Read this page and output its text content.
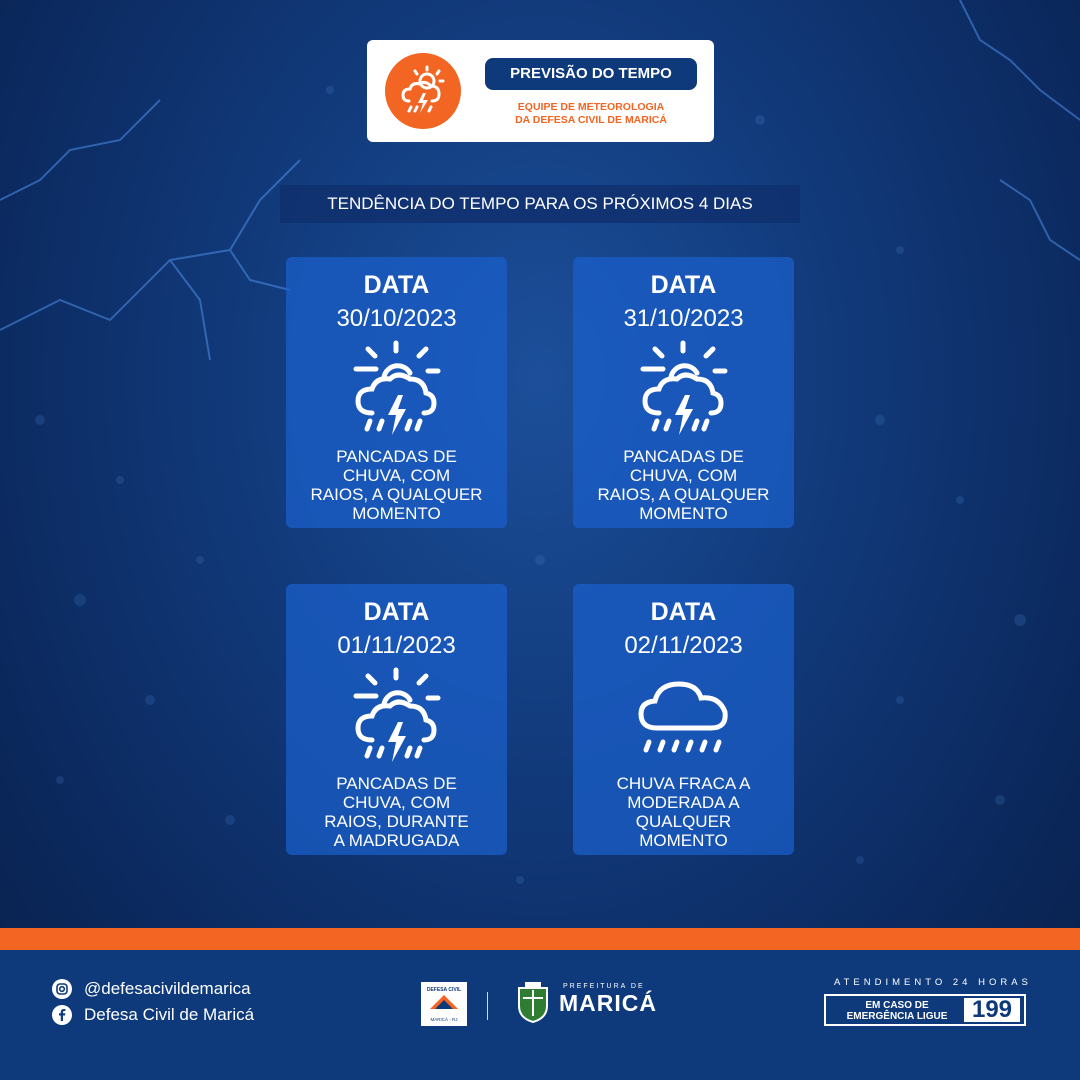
PREVISÃO DO TEMPO
EQUIPE DE METEOROLOGIA
DA DEFESA CIVIL DE MARICÁ
TENDÊNCIA DO TEMPO PARA OS PRÓXIMOS 4 DIAS
DATA
30/10/2023
PANCADAS DE
CHUVA, COM
RAIOS, A QUALQUER
MOMENTO
DATA
31/10/2023
PANCADAS DE
CHUVA, COM
RAIOS, A QUALQUER
MOMENTO
DATA
01/11/2023
PANCADAS DE
CHUVA, COM
RAIOS, DURANTE
A MADRUGADA
DATA
02/11/2023
CHUVA FRACA A
MODERADA A
QUALQUER
MOMENTO
@defesacivildemarica
Defesa Civil de Maricá
DEFESA CIVIL
MARICÁ - RJ
PREFEITURA DE
MARICÁ
ATENDIMENTO 24 HORAS
EM CASO DE
EMERGÊNCIA LIGUE	199
